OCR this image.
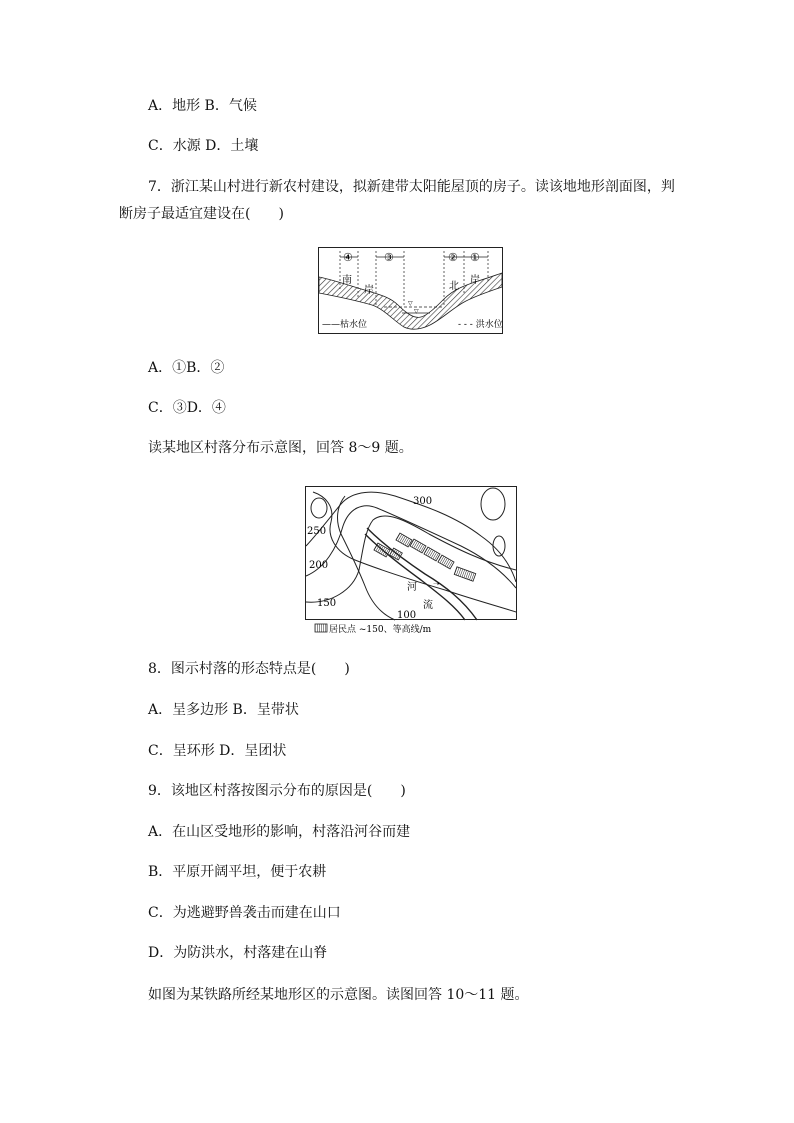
A．地形 B．气候
C．水源 D．土壤
7．浙江某山村进行新农村建设，拟新建带太阳能屋顶的房子。读该地地形剖面图，判
断房子最适宜建设在(　　)
▽
▽
④	③	② ①
南
岸	北
岸
——枯水位	- - - 洪水位
A．①B．②
C．③D．④
读某地区村落分布示意图，回答 8～9 题。
➝
300
250
200
150
100
河
流
居民点 ~150、等高线/m
8．图示村落的形态特点是(　　)
A．呈多边形 B．呈带状
C．呈环形 D．呈团状
9．该地区村落按图示分布的原因是(　　)
A．在山区受地形的影响，村落沿河谷而建
B．平原开阔平坦，便于农耕
C．为逃避野兽袭击而建在山口
D．为防洪水，村落建在山脊
如图为某铁路所经某地形区的示意图。读图回答 10～11 题。
